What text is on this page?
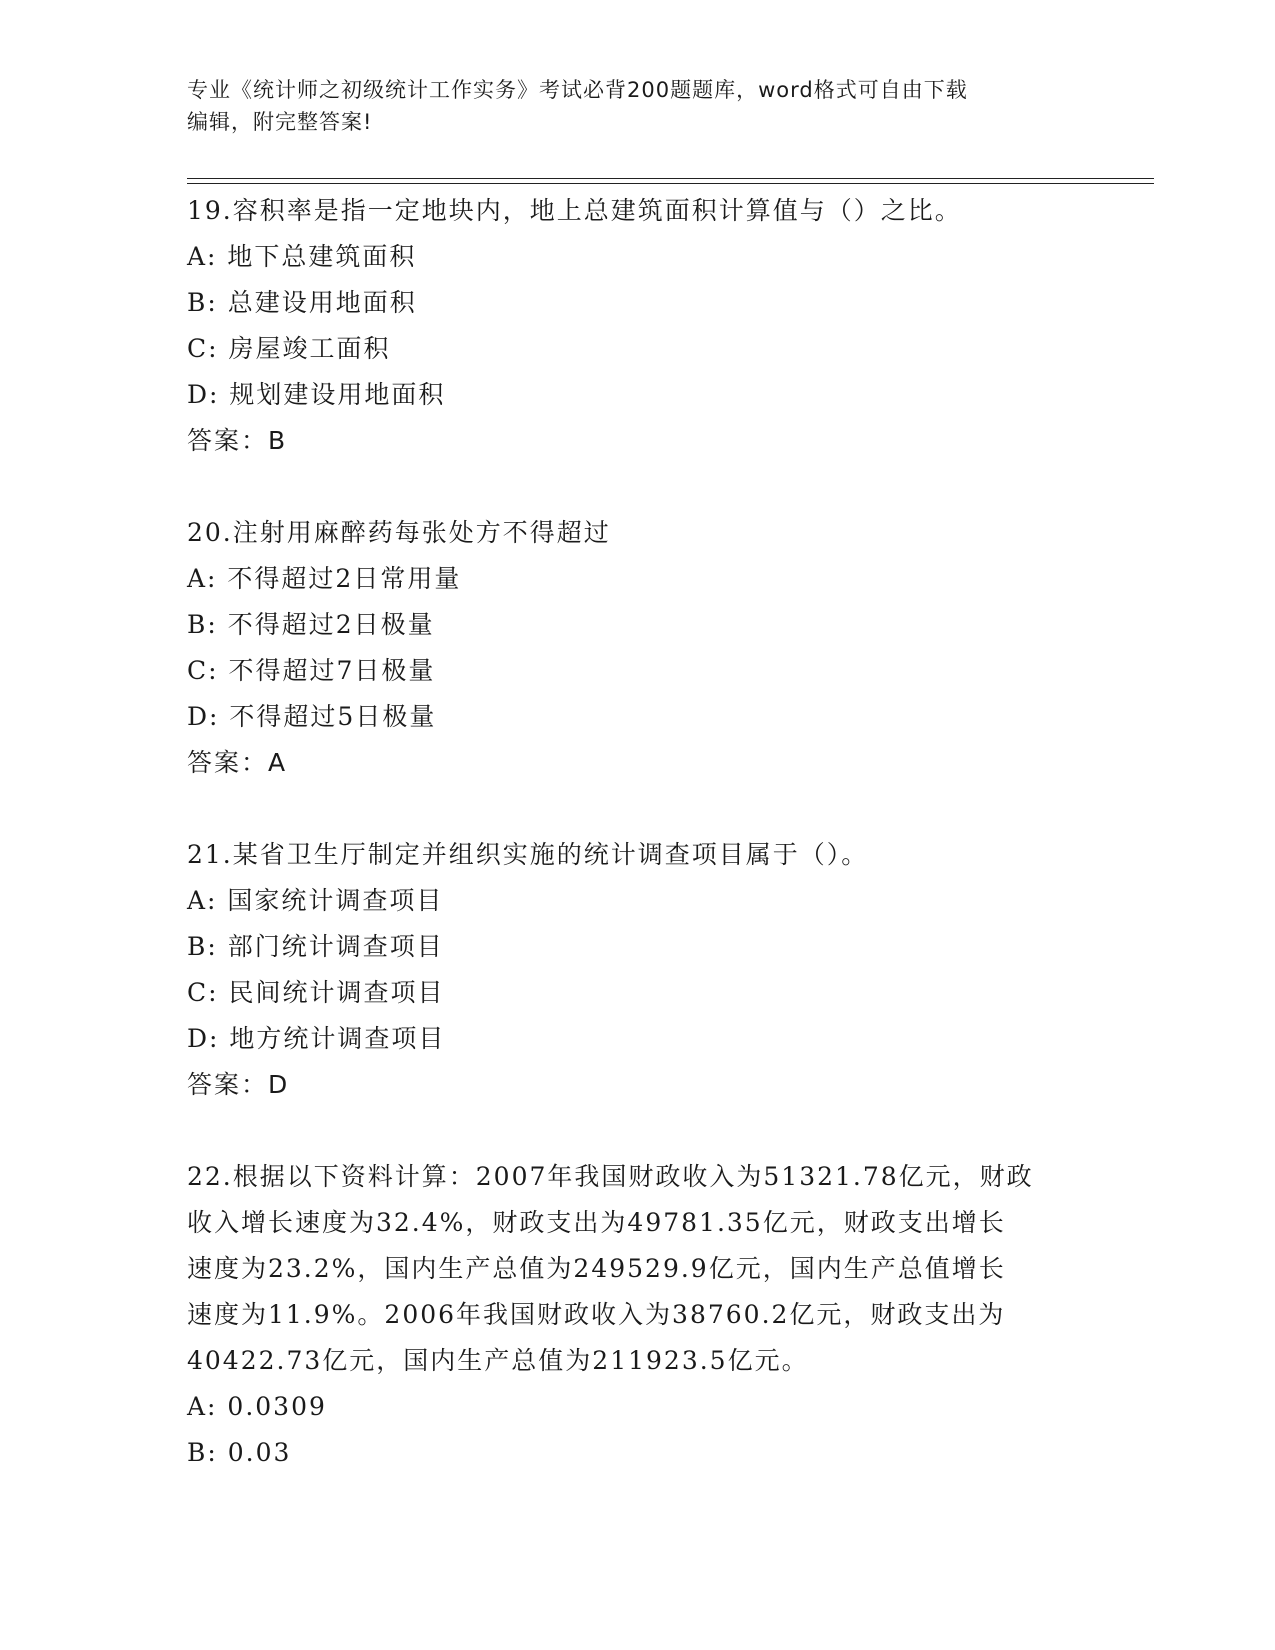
专业《统计师之初级统计工作实务》考试必背200题题库，word格式可自由下载
编辑，附完整答案!
19.容积率是指一定地块内，地上总建筑面积计算值与（）之比。
A: 地下总建筑面积
B: 总建设用地面积
C: 房屋竣工面积
D: 规划建设用地面积
答案：B
20.注射用麻醉药每张处方不得超过
A: 不得超过2日常用量
B: 不得超过2日极量
C: 不得超过7日极量
D: 不得超过5日极量
答案：A
21.某省卫生厅制定并组织实施的统计调查项目属于（）。
A: 国家统计调查项目
B: 部门统计调查项目
C: 民间统计调查项目
D: 地方统计调查项目
答案：D
22.根据以下资料计算：2007年我国财政收入为51321.78亿元，财政
收入增长速度为32.4%，财政支出为49781.35亿元，财政支出增长
速度为23.2%，国内生产总值为249529.9亿元，国内生产总值增长
速度为11.9%。2006年我国财政收入为38760.2亿元，财政支出为
40422.73亿元，国内生产总值为211923.5亿元。
A: 0.0309
B: 0.03
